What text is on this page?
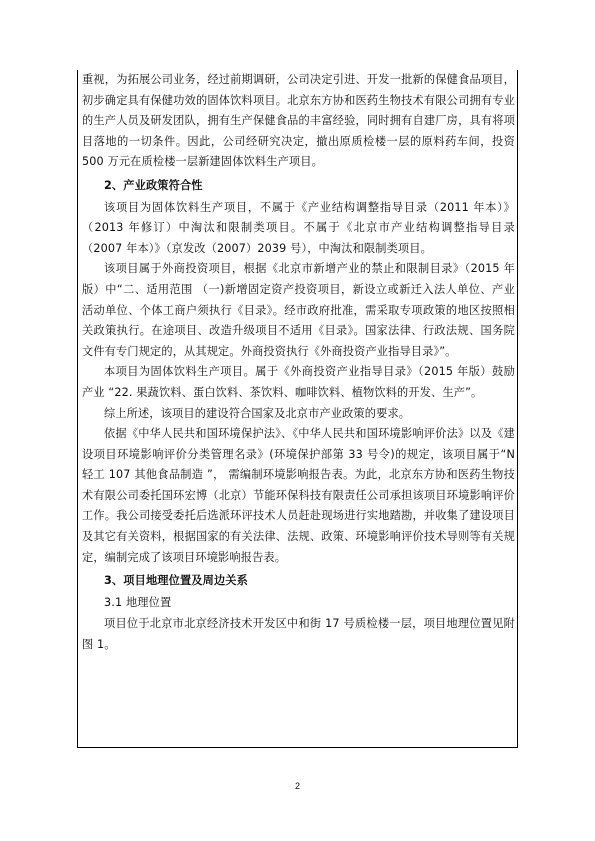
重视，为拓展公司业务，经过前期调研，公司决定引进、开发一批新的保健食品项目，初步确定具有保健功效的固体饮料项目。北京东方协和医药生物技术有限公司拥有专业的生产人员及研发团队，拥有生产保健食品的丰富经验，同时拥有自建厂房，具有将项目落地的一切条件。因此，公司经研究决定，撤出原质检楼一层的原料药车间，投资 500 万元在质检楼一层新建固体饮料生产项目。

2、产业政策符合性

该项目为固体饮料生产项目，不属于《产业结构调整指导目录（2011 年本）》（2013 年修订）中淘汰和限制类项目。不属于《北京市产业结构调整指导目录（2007 年本）》（京发改（2007）2039 号），中淘汰和限制类项目。

该项目属于外商投资项目，根据《北京市新增产业的禁止和限制目录》（2015 年版）中“二、适用范围 （一)新增固定资产投资项目，新设立或新迁入法人单位、产业活动单位、个体工商户须执行《目录》。经市政府批准，需采取专项政策的地区按照相关政策执行。在途项目、改造升级项目不适用《目录》。国家法律、行政法规、国务院文件有专门规定的，从其规定。外商投资执行《外商投资产业指导目录》”。

本项目为固体饮料生产项目。属于《外商投资产业指导目录》（2015 年版）鼓励产业 “22. 果蔬饮料、蛋白饮料、茶饮料、咖啡饮料、植物饮料的开发、生产”。

综上所述，该项目的建设符合国家及北京市产业政策的要求。

依据《中华人民共和国环境保护法》、《中华人民共和国环境影响评价法》以及《建设项目环境影响评价分类管理名录》(环境保护部第 33 号令)的规定，该项目属于“N 轻工 107 其他食品制造 ”， 需编制环境影响报告表。为此，北京东方协和医药生物技术有限公司委托国环宏博（北京）节能环保科技有限责任公司承担该项目环境影响评价工作。我公司接受委托后选派环评技术人员赶赴现场进行实地踏勘，并收集了建设项目及其它有关资料，根据国家的有关法律、法规、政策、环境影响评价技术导则等有关规定，编制完成了该项目环境影响报告表。

3、项目地理位置及周边关系

3.1 地理位置

项目位于北京市北京经济技术开发区中和街 17 号质检楼一层，项目地理位置见附图 1。

2
